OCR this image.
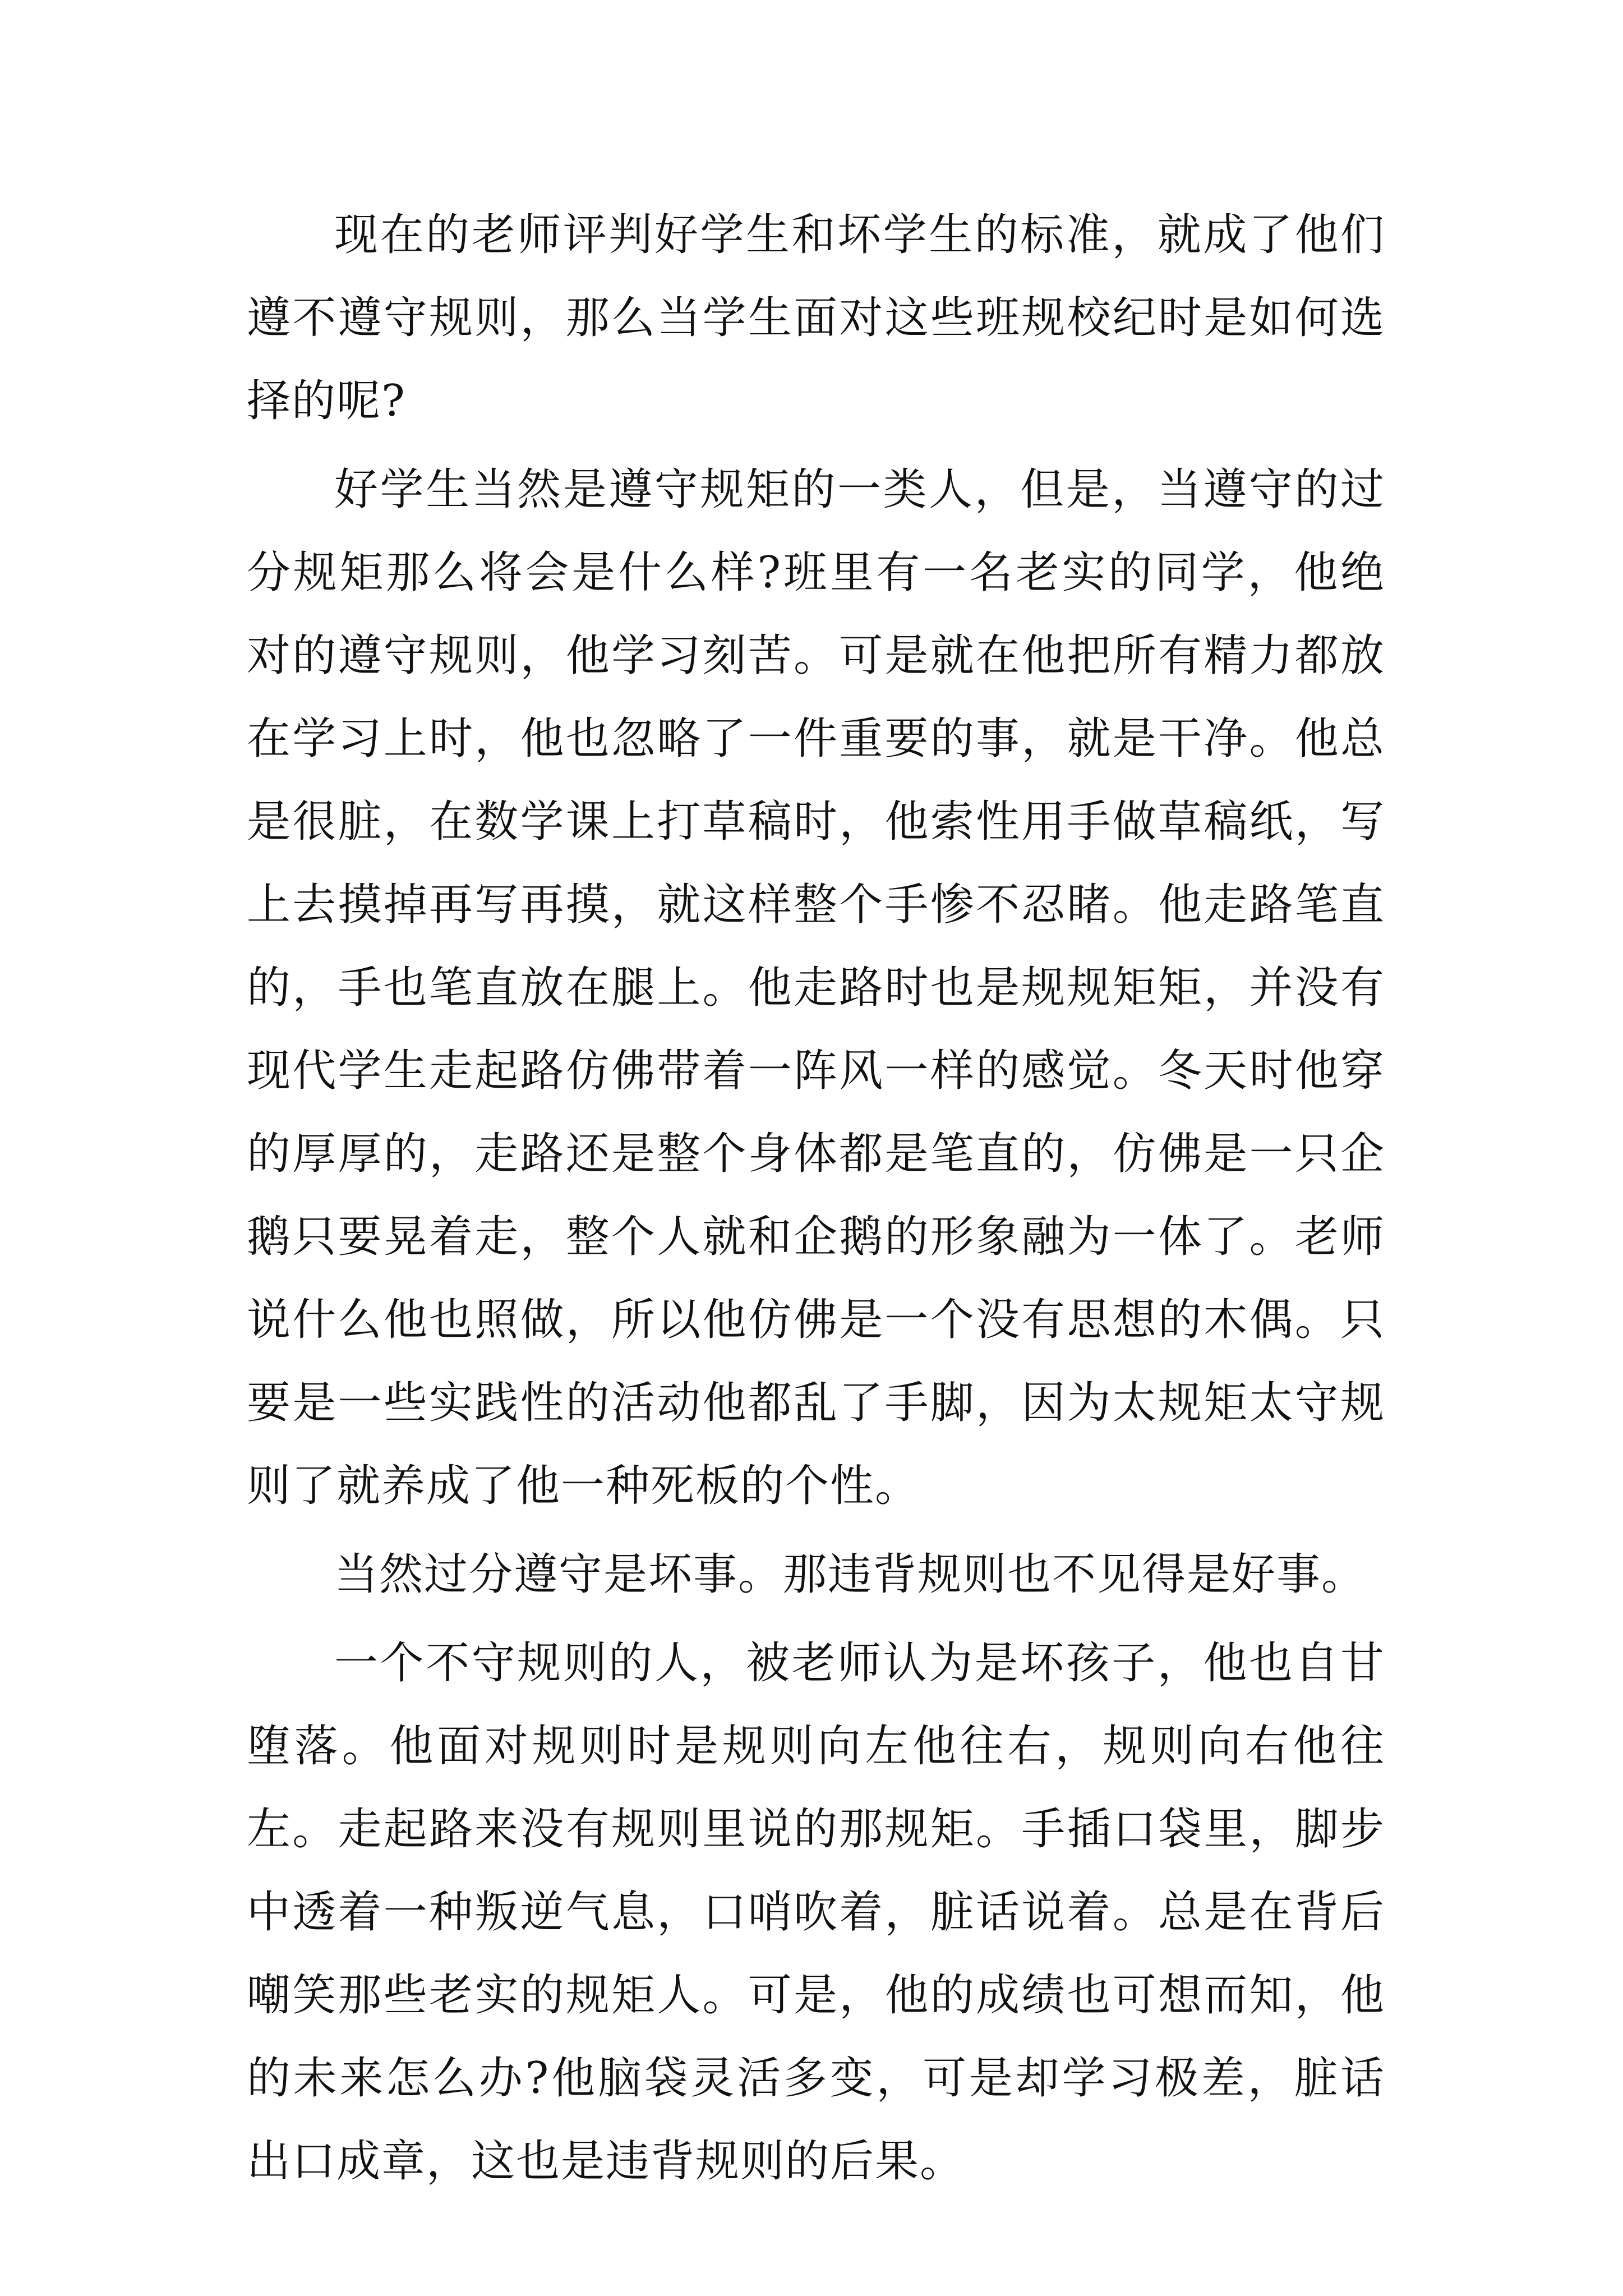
现在的老师评判好学生和坏学生的标准，就成了他们遵不遵守规则，那么当学生面对这些班规校纪时是如何选择的呢?

好学生当然是遵守规矩的一类人，但是，当遵守的过分规矩那么将会是什么样?班里有一名老实的同学，他绝对的遵守规则，他学习刻苦。可是就在他把所有精力都放在学习上时，他也忽略了一件重要的事，就是干净。他总是很脏，在数学课上打草稿时，他索性用手做草稿纸，写上去摸掉再写再摸，就这样整个手惨不忍睹。他走路笔直的，手也笔直放在腿上。他走路时也是规规矩矩，并没有现代学生走起路仿佛带着一阵风一样的感觉。冬天时他穿的厚厚的，走路还是整个身体都是笔直的，仿佛是一只企鹅只要晃着走，整个人就和企鹅的形象融为一体了。老师说什么他也照做，所以他仿佛是一个没有思想的木偶。只要是一些实践性的活动他都乱了手脚，因为太规矩太守规则了就养成了他一种死板的个性。

当然过分遵守是坏事。那违背规则也不见得是好事。

一个不守规则的人，被老师认为是坏孩子，他也自甘堕落。他面对规则时是规则向左他往右，规则向右他往左。走起路来没有规则里说的那规矩。手插口袋里，脚步中透着一种叛逆气息，口哨吹着，脏话说着。总是在背后嘲笑那些老实的规矩人。可是，他的成绩也可想而知，他的未来怎么办?他脑袋灵活多变，可是却学习极差，脏话出口成章，这也是违背规则的后果。
